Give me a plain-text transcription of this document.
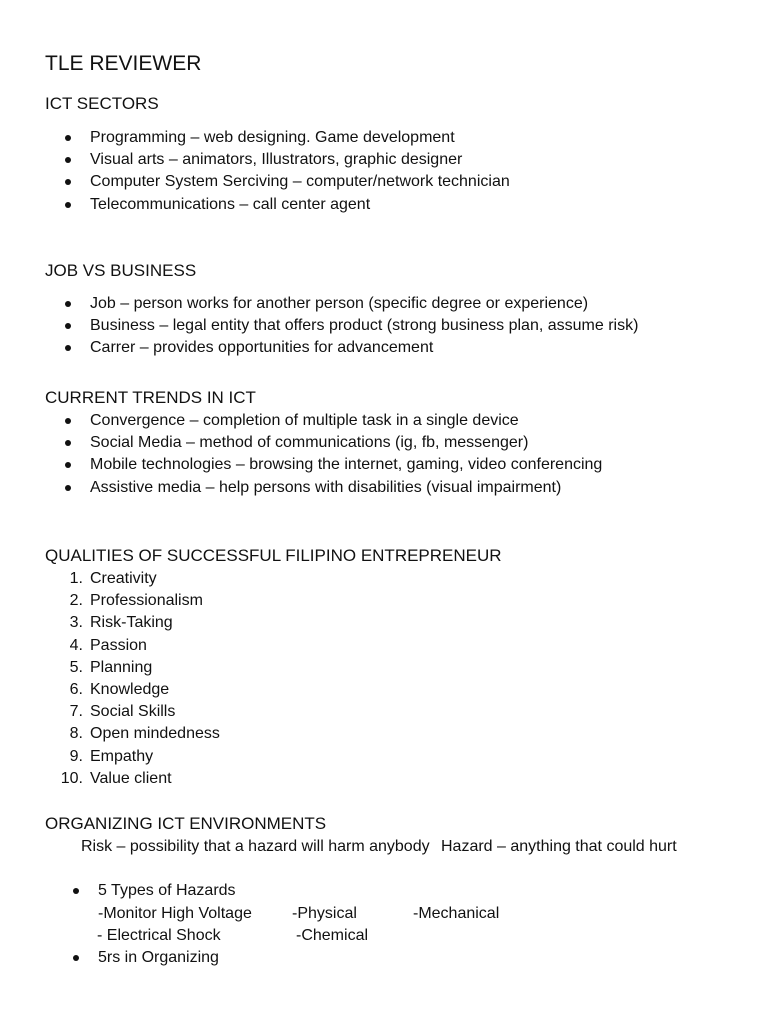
TLE REVIEWER
ICT SECTORS
Programming – web designing. Game development
Visual arts – animators, Illustrators, graphic designer
Computer System Serciving – computer/network technician
Telecommunications – call center agent
JOB VS BUSINESS
Job – person works for another person (specific degree or experience)
Business – legal entity that offers product (strong business plan, assume risk)
Carrer – provides opportunities for advancement
CURRENT TRENDS IN ICT
Convergence – completion of multiple task in a single device
Social Media – method of communications (ig, fb, messenger)
Mobile technologies – browsing the internet, gaming, video conferencing
Assistive media – help persons with disabilities (visual impairment)
QUALITIES OF SUCCESSFUL FILIPINO ENTREPRENEUR
1. Creativity
2. Professionalism
3. Risk-Taking
4. Passion
5. Planning
6. Knowledge
7. Social Skills
8. Open mindedness
9. Empathy
10. Value client
ORGANIZING ICT ENVIRONMENTS
Risk – possibility that a hazard will harm anybody Hazard – anything that could hurt
5 Types of Hazards
-Monitor High Voltage	-Physical	-Mechanical
- Electrical Shock	-Chemical
5rs in Organizing
